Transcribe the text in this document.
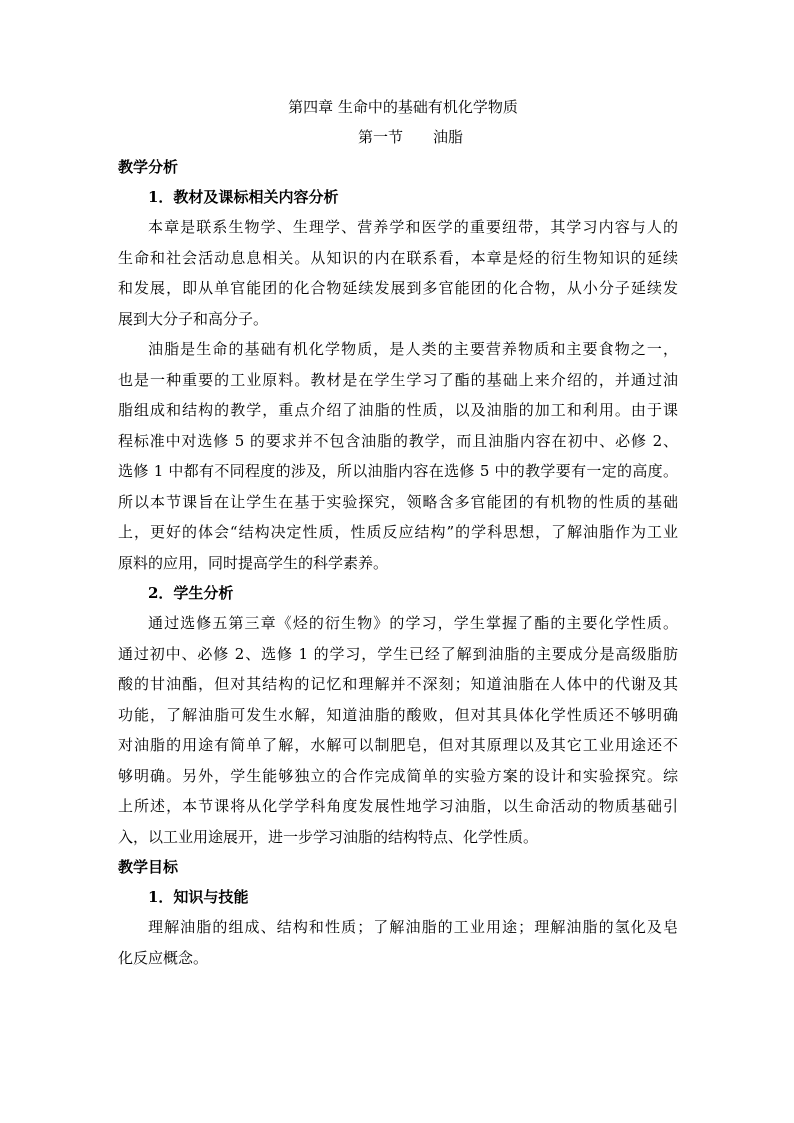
第四章 生命中的基础有机化学物质
第一节 油脂
教学分析
1．教材及课标相关内容分析
本章是联系生物学、生理学、营养学和医学的重要纽带，其学习内容与人的
生命和社会活动息息相关。从知识的内在联系看，本章是烃的衍生物知识的延续
和发展，即从单官能团的化合物延续发展到多官能团的化合物，从小分子延续发
展到大分子和高分子。
油脂是生命的基础有机化学物质，是人类的主要营养物质和主要食物之一，
也是一种重要的工业原料。教材是在学生学习了酯的基础上来介绍的，并通过油
脂组成和结构的教学，重点介绍了油脂的性质，以及油脂的加工和利用。由于课
程标准中对选修 5 的要求并不包含油脂的教学，而且油脂内容在初中、必修 2、
选修 1 中都有不同程度的涉及，所以油脂内容在选修 5 中的教学要有一定的高度。
所以本节课旨在让学生在基于实验探究，领略含多官能团的有机物的性质的基础
上，更好的体会“结构决定性质，性质反应结构”的学科思想，了解油脂作为工业
原料的应用，同时提高学生的科学素养。
2．学生分析
通过选修五第三章《烃的衍生物》的学习，学生掌握了酯的主要化学性质。
通过初中、必修 2、选修 1 的学习，学生已经了解到油脂的主要成分是高级脂肪
酸的甘油酯，但对其结构的记忆和理解并不深刻；知道油脂在人体中的代谢及其
功能，了解油脂可发生水解，知道油脂的酸败，但对其具体化学性质还不够明确
对油脂的用途有简单了解，水解可以制肥皂，但对其原理以及其它工业用途还不
够明确。另外，学生能够独立的合作完成简单的实验方案的设计和实验探究。综
上所述，本节课将从化学学科角度发展性地学习油脂，以生命活动的物质基础引
入，以工业用途展开，进一步学习油脂的结构特点、化学性质。
教学目标
1．知识与技能
理解油脂的组成、结构和性质；了解油脂的工业用途；理解油脂的氢化及皂
化反应概念。
